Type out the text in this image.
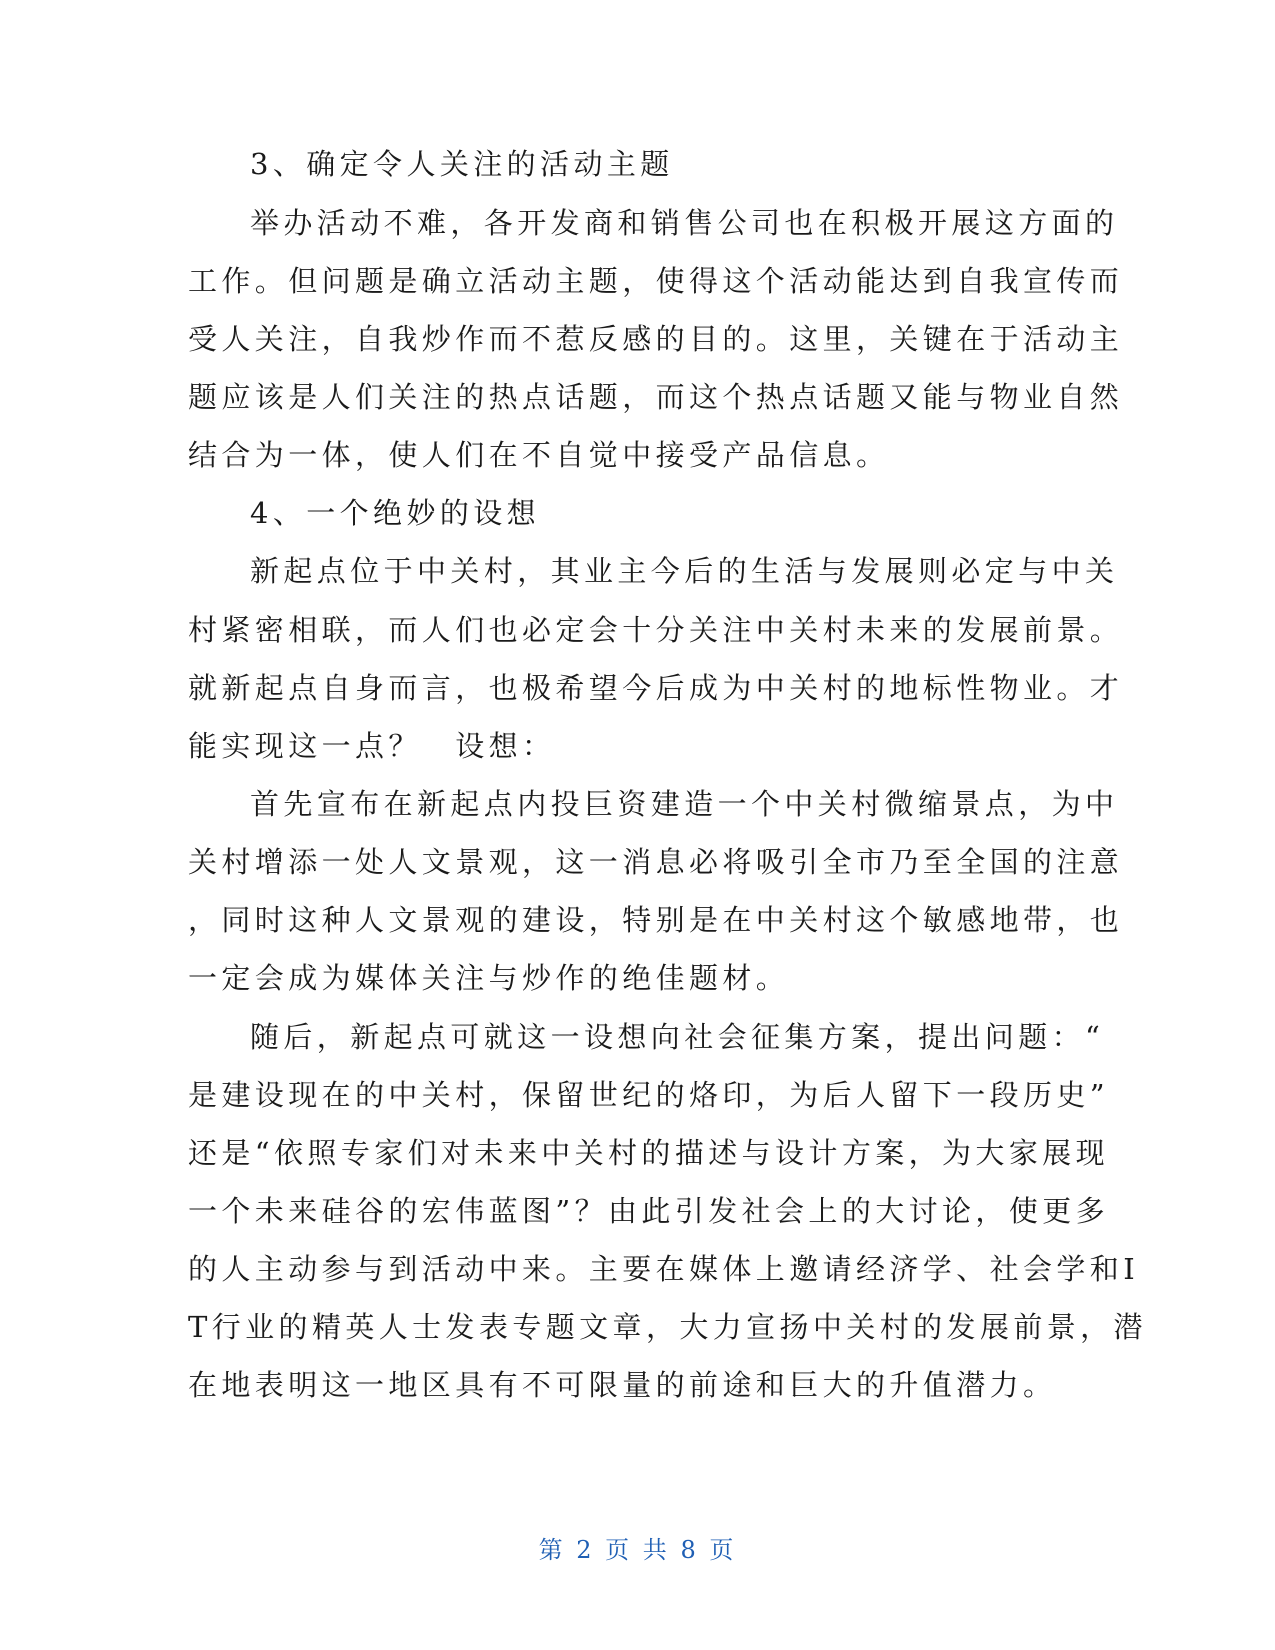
3、确定令人关注的活动主题
举办活动不难，各开发商和销售公司也在积极开展这方面的
工作。但问题是确立活动主题，使得这个活动能达到自我宣传而
受人关注，自我炒作而不惹反感的目的。这里，关键在于活动主
题应该是人们关注的热点话题，而这个热点话题又能与物业自然
结合为一体，使人们在不自觉中接受产品信息。
4、一个绝妙的设想
新起点位于中关村，其业主今后的生活与发展则必定与中关
村紧密相联，而人们也必定会十分关注中关村未来的发展前景。
就新起点自身而言，也极希望今后成为中关村的地标性物业。才
能实现这一点？　设想：
首先宣布在新起点内投巨资建造一个中关村微缩景点，为中
关村增添一处人文景观，这一消息必将吸引全市乃至全国的注意
，同时这种人文景观的建设，特别是在中关村这个敏感地带，也
一定会成为媒体关注与炒作的绝佳题材。
随后，新起点可就这一设想向社会征集方案，提出问题：“
是建设现在的中关村，保留世纪的烙印，为后人留下一段历史”
还是“依照专家们对未来中关村的描述与设计方案，为大家展现
一个未来硅谷的宏伟蓝图”？由此引发社会上的大讨论，使更多
的人主动参与到活动中来。主要在媒体上邀请经济学、社会学和I
T行业的精英人士发表专题文章，大力宣扬中关村的发展前景，潜
在地表明这一地区具有不可限量的前途和巨大的升值潜力。
第 2 页 共 8 页
